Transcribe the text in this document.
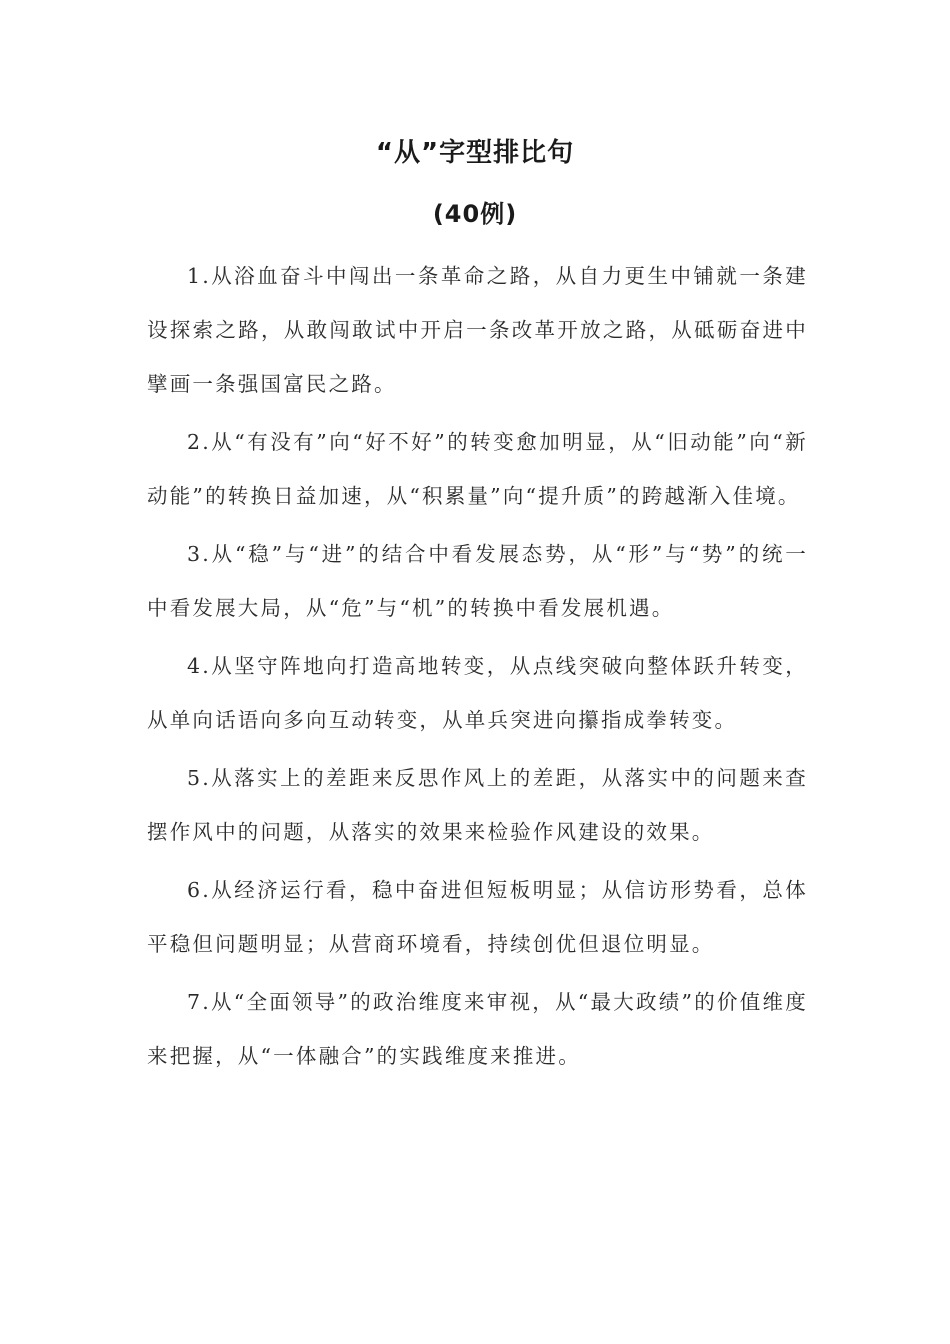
“从”字型排比句
(40例)

1.从浴血奋斗中闯出一条革命之路，从自力更生中铺就一条建设探索之路，从敢闯敢试中开启一条改革开放之路，从砥砺奋进中擘画一条强国富民之路。

2.从“有没有”向“好不好”的转变愈加明显，从“旧动能”向“新动能”的转换日益加速，从“积累量”向“提升质”的跨越渐入佳境。

3.从“稳”与“进”的结合中看发展态势，从“形”与“势”的统一中看发展大局，从“危”与“机”的转换中看发展机遇。

4.从坚守阵地向打造高地转变，从点线突破向整体跃升转变，从单向话语向多向互动转变，从单兵突进向攥指成拳转变。

5.从落实上的差距来反思作风上的差距，从落实中的问题来查摆作风中的问题，从落实的效果来检验作风建设的效果。

6.从经济运行看，稳中奋进但短板明显；从信访形势看，总体平稳但问题明显；从营商环境看，持续创优但退位明显。

7.从“全面领导”的政治维度来审视，从“最大政绩”的价值维度来把握，从“一体融合”的实践维度来推进。
